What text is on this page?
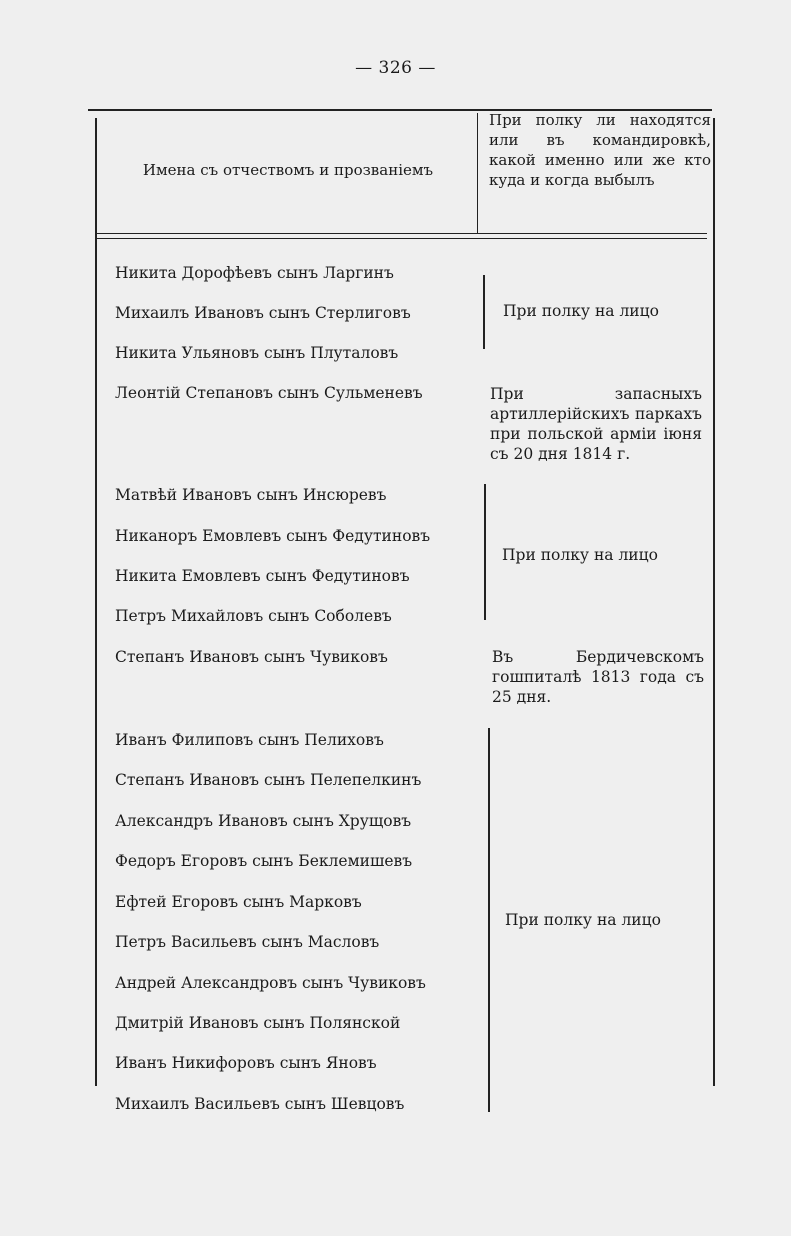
— 326 —
Имена съ отчествомъ и прозваніемъ
При полку ли находятся или въ командировкѣ, какой именно или же кто куда и когда выбылъ
Никита Дорофѣевъ сынъ Ларгинъ
Михаилъ Ивановъ сынъ Стерлиговъ
Никита Ульяновъ сынъ Плуталовъ
Леонтій Степановъ сынъ Сульменевъ
Матвѣй Ивановъ сынъ Инсюревъ
Никаноръ Емовлевъ сынъ Федутиновъ
Никита Емовлевъ сынъ Федутиновъ
Петръ Михайловъ сынъ Соболевъ
Степанъ Ивановъ сынъ Чувиковъ
Иванъ Филиповъ сынъ Пелиховъ
Степанъ Ивановъ сынъ Пелепелкинъ
Александръ Ивановъ сынъ Хрущовъ
Федоръ Егоровъ сынъ Беклемишевъ
Ефтей Егоровъ сынъ Марковъ
Петръ Васильевъ сынъ Масловъ
Андрей Александровъ сынъ Чувиковъ
Дмитрій Ивановъ сынъ Полянской
Иванъ Никифоровъ сынъ Яновъ
Михаилъ Васильевъ сынъ Шевцовъ
При полку на лицо
При запасныхъ артиллерійскихъ паркахъ при польской арміи іюня съ 20 дня 1814 г.
При полку на лицо
Въ Бердичевскомъ гошпиталѣ 1813 года съ 25 дня.
При полку на лицо
